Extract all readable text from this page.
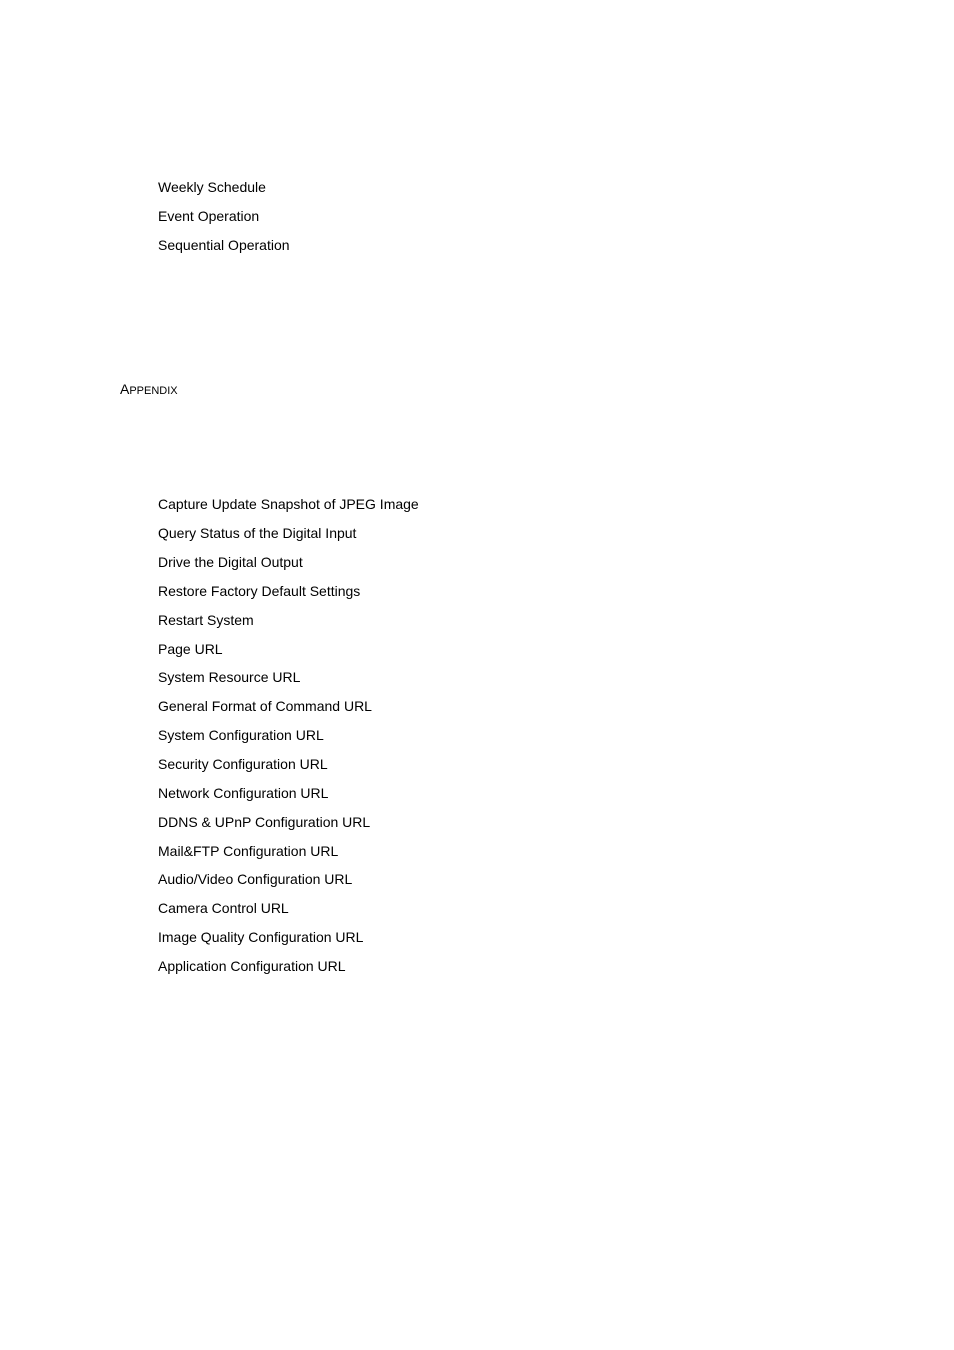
Weekly Schedule
Event Operation
Sequential Operation
APPENDIX
Capture Update Snapshot of JPEG Image
Query Status of the Digital Input
Drive the Digital Output
Restore Factory Default Settings
Restart System
Page URL
System Resource URL
General Format of Command URL
System Configuration URL
Security Configuration URL
Network Configuration URL
DDNS & UPnP Configuration URL
Mail&FTP Configuration URL
Audio/Video Configuration URL
Camera Control URL
Image Quality Configuration URL
Application Configuration URL
